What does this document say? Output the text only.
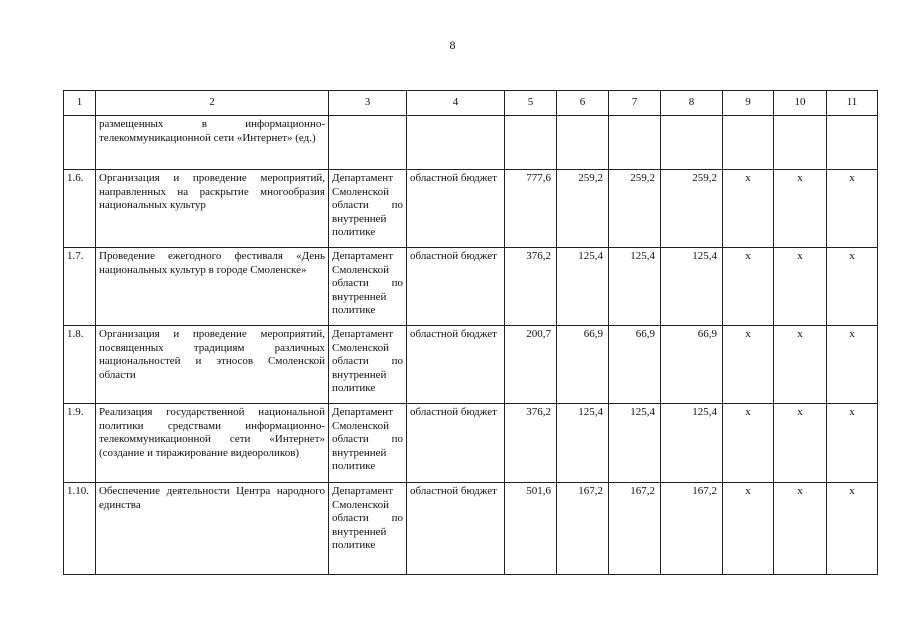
8
1	2	3	4	5	6	7	8	9	10	11
	размещенных в информационно-телекоммуникационной сети «Интернет» (ед.)									
1.6.	Организация и проведение мероприятий, направленных на раскрытие многообразия национальных культур	Департамент Смоленской области по внутренней политике	областной бюджет	777,6	259,2	259,2	259,2	х	х	х
1.7.	Проведение ежегодного фестиваля «День национальных культур в городе Смоленске»	Департамент Смоленской области по внутренней политике	областной бюджет	376,2	125,4	125,4	125,4	х	х	х
1.8.	Организация и проведение мероприятий, посвященных традициям различных национальностей и этносов Смоленской области	Департамент Смоленской области по внутренней политике	областной бюджет	200,7	66,9	66,9	66,9	х	х	х
1.9.	Реализация государственной национальной политики средствами информационно-телекоммуникационной сети «Интернет» (создание и тиражирование видеороликов)	Департамент Смоленской области по внутренней политике	областной бюджет	376,2	125,4	125,4	125,4	х	х	х
1.10.	Обеспечение деятельности Центра народного единства	Департамент Смоленской области по внутренней политике	областной бюджет	501,6	167,2	167,2	167,2	х	х	х
